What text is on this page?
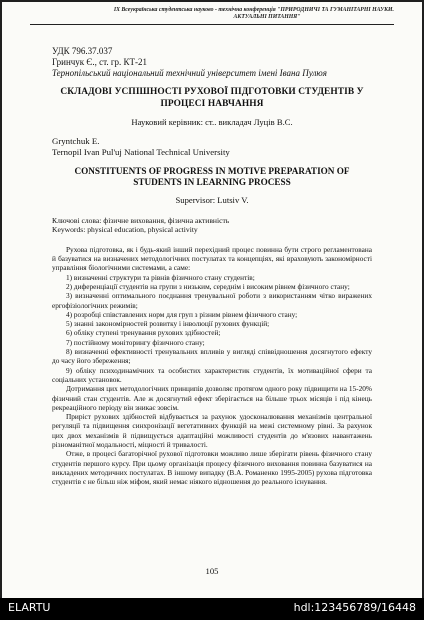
IX Всеукраїнська студентська науково - технічна конференція "ПРИРОДНИЧІ ТА ГУМАНІТАРНІ НАУКИ.
АКТУАЛЬНІ ПИТАННЯ"
УДК 796.37.037
Гринчук Є., ст. гр. КТ-21
Тернопільський національний технічний університет імені Івана Пулюя
СКЛАДОВІ УСПІШНОСТІ РУХОВОЇ ПІДГОТОВКИ СТУДЕНТІВ У ПРОЦЕСІ НАВЧАННЯ
Науковий керівник: ст.. викладач Луців В.С.
Gryntchuk E.
Ternopil Ivan Pul'uj National Technical University
CONSTITUENTS OF PROGRESS IN MOTIVE PREPARATION OF STUDENTS IN LEARNING PROCESS
Supervisor: Lutsiv V.
Ключові слова: фізичне виховання, фізична активність
Keywords: physical education, physical activity

Рухова підготовка, як і будь-який інший перехідний процес повинна бути строго регламентована й базуватися на визначених методологічних постулатах та концепціях, які враховують закономірності управління біологічними системами, а саме:

1) визначенні структури та рівнів фізичного стану студентів;

2) диференціації студентів на групи з низьким, середнім і високим рівнем фізичного стану;

3) визначенні оптимального поєднання тренувальної роботи з використанням чітко виражених ергофізіологічних режимів;

4) розробці співставлених норм для груп з різним рівнем фізичного стану;

5) знанні закономірностей розвитку і інволюції рухових функцій;

6) обліку ступені тренування рухових здібностей;

7) постійному моніторингу фізичного стану;

8) визначенні ефективності тренувальних впливів у вигляді співвідношення досягнутого ефекту до часу його збереження;

9) обліку психодинамічних та особистих характеристик студентів, їх мотиваційної сфери та соціальних установок.

Дотримання цих методологічних принципів дозволяє протягом одного року підвищити на 15-20% фізичний стан студентів. Але ж досягнутий ефект зберігається на більше трьох місяців і під кінець рекреаційного періоду він зникає зовсім.

Приріст рухових здібностей відбувається за рахунок удосконалювання механізмів центральної регуляції та підвищення синхронізації вегетативних функцій на межі системному рівні. За рахунок цих двох механізмів й підвищується адаптаційні можливості студентів до м'язових навантажень різноманітної модальності, міцності й тривалості.

Отже, в процесі багаторічної рухової підготовки можливо лише зберігати рівень фізичного стану студентів першого курсу. При цьому організація процесу фізичного виховання повинна базуватися на викладених методичних постулатах. В іншому випадку (В.А. Романенко 1995-2005) рухова підготовка студентів є не більш ніж міфом, який немає ніякого відношення до реального існування.

105
ELARTU	hdl:123456789/16448
